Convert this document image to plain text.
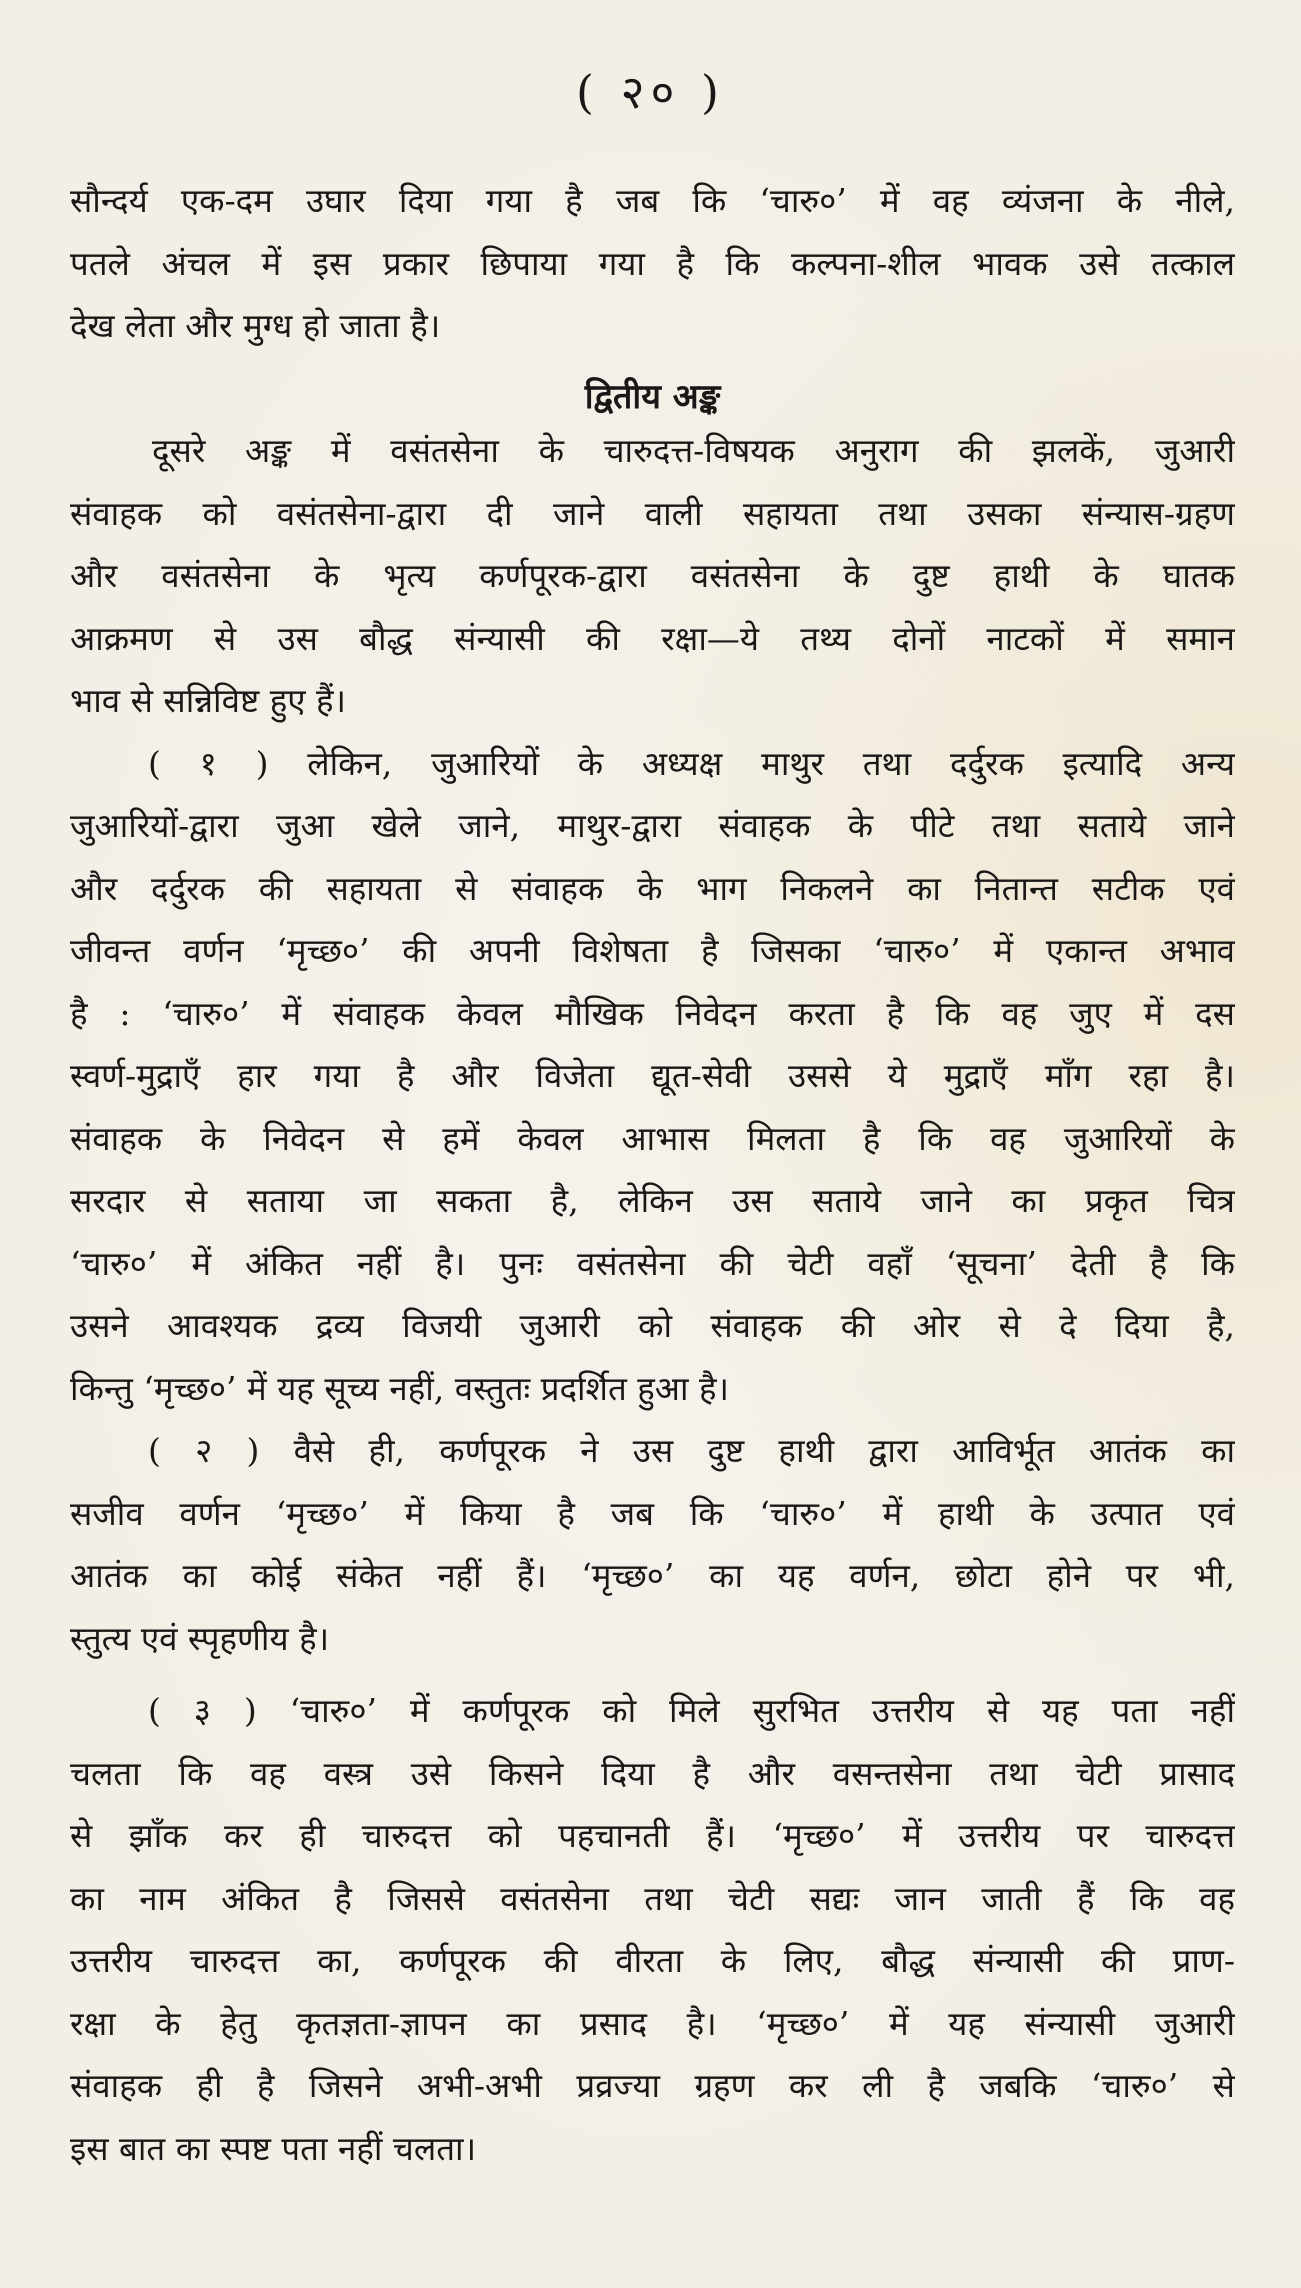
( २० )
सौन्दर्य एक-दम उघार दिया गया है जब कि ‘चारु०’ में वह व्यंजना के नीले,
पतले अंचल में इस प्रकार छिपाया गया है कि कल्पना-शील भावक उसे तत्काल
देख लेता और मुग्ध हो जाता है।
द्वितीय अङ्क
दूसरे अङ्क में वसंतसेना के चारुदत्त-विषयक अनुराग की झलकें, जुआरी
संवाहक को वसंतसेना-द्वारा दी जाने वाली सहायता तथा उसका संन्यास-ग्रहण
और वसंतसेना के भृत्य कर्णपूरक-द्वारा वसंतसेना के दुष्ट हाथी के घातक
आक्रमण से उस बौद्ध संन्यासी की रक्षा—ये तथ्य दोनों नाटकों में समान
भाव से सन्निविष्ट हुए हैं।
( १ ) लेकिन, जुआरियों के अध्यक्ष माथुर तथा दर्दुरक इत्यादि अन्य
जुआरियों-द्वारा जुआ खेले जाने, माथुर-द्वारा संवाहक के पीटे तथा सताये जाने
और दर्दुरक की सहायता से संवाहक के भाग निकलने का नितान्त सटीक एवं
जीवन्त वर्णन ‘मृच्छ०’ की अपनी विशेषता है जिसका ‘चारु०’ में एकान्त अभाव
है : ‘चारु०’ में संवाहक केवल मौखिक निवेदन करता है कि वह जुए में दस
स्वर्ण-मुद्राएँ हार गया है और विजेता द्यूत-सेवी उससे ये मुद्राएँ माँग रहा है।
संवाहक के निवेदन से हमें केवल आभास मिलता है कि वह जुआरियों के
सरदार से सताया जा सकता है, लेकिन उस सताये जाने का प्रकृत चित्र
‘चारु०’ में अंकित नहीं है। पुनः वसंतसेना की चेटी वहाँ ‘सूचना’ देती है कि
उसने आवश्यक द्रव्य विजयी जुआरी को संवाहक की ओर से दे दिया है,
किन्तु ‘मृच्छ०’ में यह सूच्य नहीं, वस्तुतः प्रदर्शित हुआ है।
( २ ) वैसे ही, कर्णपूरक ने उस दुष्ट हाथी द्वारा आविर्भूत आतंक का
सजीव वर्णन ‘मृच्छ०’ में किया है जब कि ‘चारु०’ में हाथी के उत्पात एवं
आतंक का कोई संकेत नहीं हैं। ‘मृच्छ०’ का यह वर्णन, छोटा होने पर भी,
स्तुत्य एवं स्पृहणीय है।
( ३ ) ‘चारु०’ में कर्णपूरक को मिले सुरभित उत्तरीय से यह पता नहीं
चलता कि वह वस्त्र उसे किसने दिया है और वसन्तसेना तथा चेटी प्रासाद
से झाँक कर ही चारुदत्त को पहचानती हैं। ‘मृच्छ०’ में उत्तरीय पर चारुदत्त
का नाम अंकित है जिससे वसंतसेना तथा चेटी सद्यः जान जाती हैं कि वह
उत्तरीय चारुदत्त का, कर्णपूरक की वीरता के लिए, बौद्ध संन्यासी की प्राण-
रक्षा के हेतु कृतज्ञता-ज्ञापन का प्रसाद है। ‘मृच्छ०’ में यह संन्यासी जुआरी
संवाहक ही है जिसने अभी-अभी प्रव्रज्या ग्रहण कर ली है जबकि ‘चारु०’ से
इस बात का स्पष्ट पता नहीं चलता।
